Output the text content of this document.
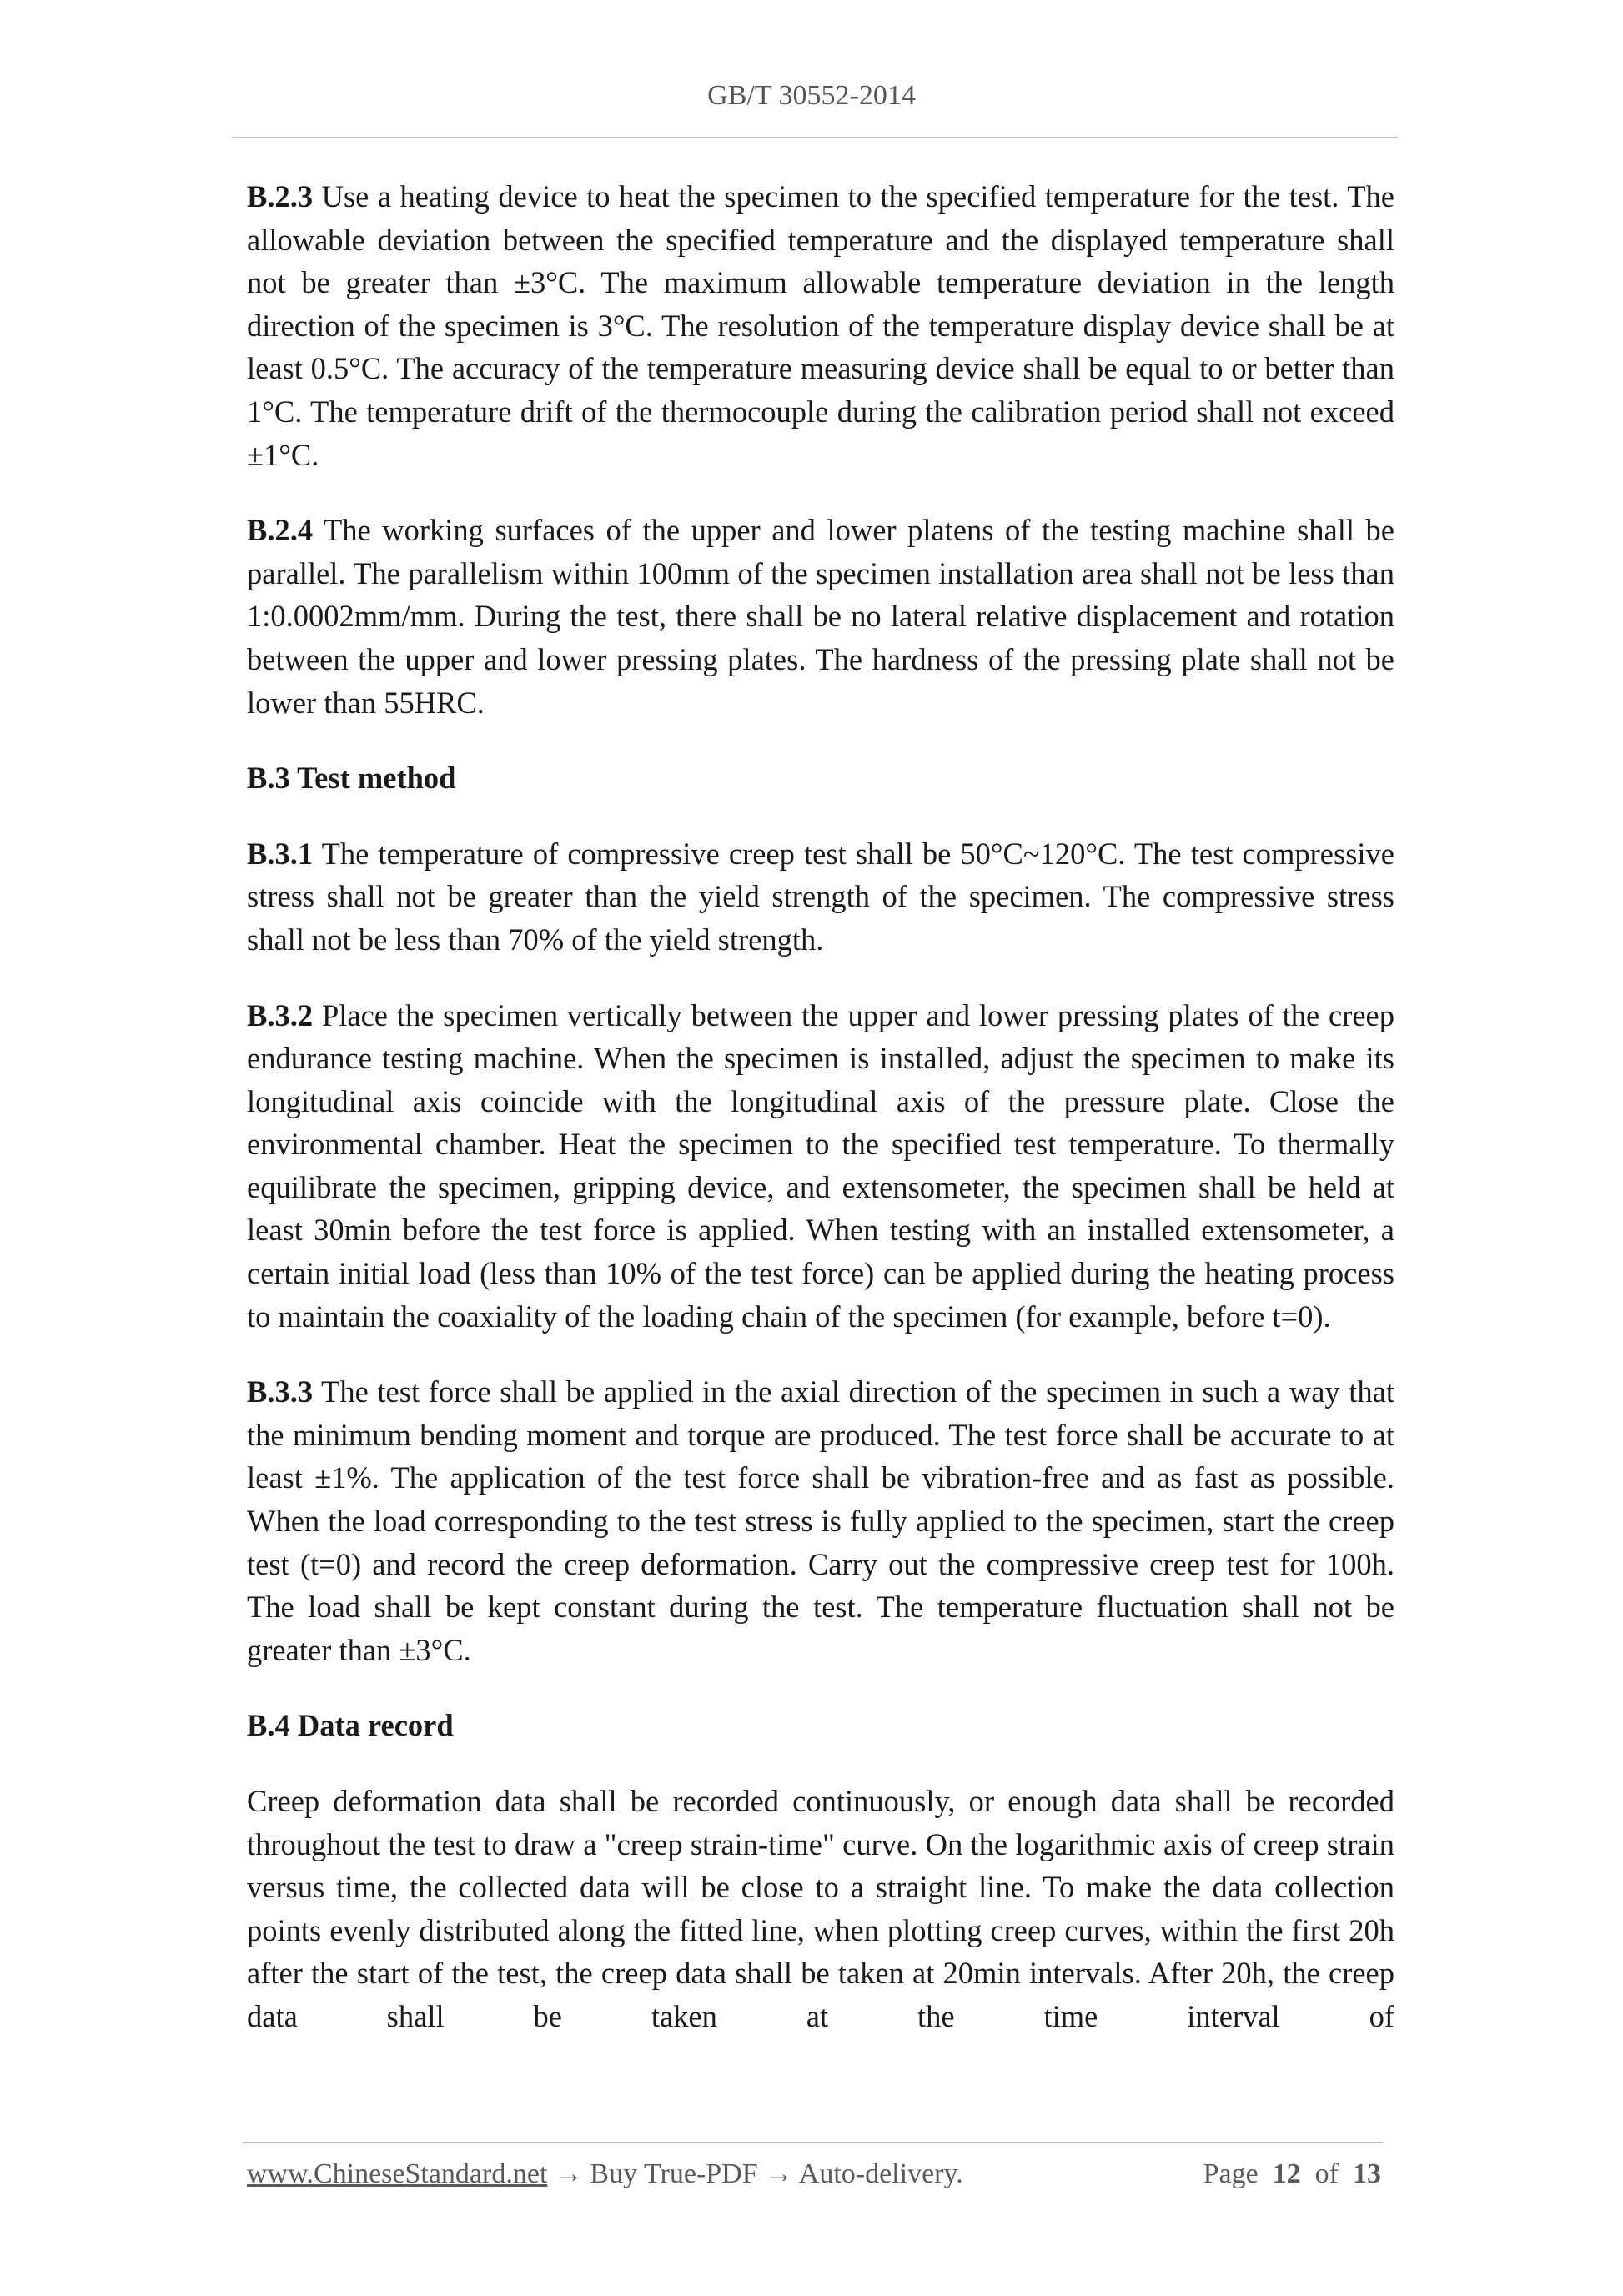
GB/T 30552-2014

B.2.3 Use a heating device to heat the specimen to the specified temperature for the test. The allowable deviation between the specified temperature and the displayed temperature shall not be greater than ±3°C. The maximum allowable temperature deviation in the length direction of the specimen is 3°C. The resolution of the temperature display device shall be at least 0.5°C. The accuracy of the temperature measuring device shall be equal to or better than 1°C. The temperature drift of the thermocouple during the calibration period shall not exceed ±1°C.

B.2.4 The working surfaces of the upper and lower platens of the testing machine shall be parallel. The parallelism within 100mm of the specimen installation area shall not be less than 1:0.0002mm/mm. During the test, there shall be no lateral relative displacement and rotation between the upper and lower pressing plates. The hardness of the pressing plate shall not be lower than 55HRC.

B.3 Test method

B.3.1 The temperature of compressive creep test shall be 50°C~120°C. The test compressive stress shall not be greater than the yield strength of the specimen. The compressive stress shall not be less than 70% of the yield strength.

B.3.2 Place the specimen vertically between the upper and lower pressing plates of the creep endurance testing machine. When the specimen is installed, adjust the specimen to make its longitudinal axis coincide with the longitudinal axis of the pressure plate. Close the environmental chamber. Heat the specimen to the specified test temperature. To thermally equilibrate the specimen, gripping device, and extensometer, the specimen shall be held at least 30min before the test force is applied. When testing with an installed extensometer, a certain initial load (less than 10% of the test force) can be applied during the heating process to maintain the coaxiality of the loading chain of the specimen (for example, before t=0).

B.3.3 The test force shall be applied in the axial direction of the specimen in such a way that the minimum bending moment and torque are produced. The test force shall be accurate to at least ±1%. The application of the test force shall be vibration-free and as fast as possible. When the load corresponding to the test stress is fully applied to the specimen, start the creep test (t=0) and record the creep deformation. Carry out the compressive creep test for 100h. The load shall be kept constant during the test. The temperature fluctuation shall not be greater than ±3°C.

B.4 Data record

Creep deformation data shall be recorded continuously, or enough data shall be recorded throughout the test to draw a "creep strain-time" curve. On the logarithmic axis of creep strain versus time, the collected data will be close to a straight line. To make the data collection points evenly distributed along the fitted line, when plotting creep curves, within the first 20h after the start of the test, the creep data shall be taken at 20min intervals. After 20h, the creep data shall be taken at the time interval of

www.ChineseStandard.net → Buy True-PDF → Auto-delivery.	Page 12 of 13
